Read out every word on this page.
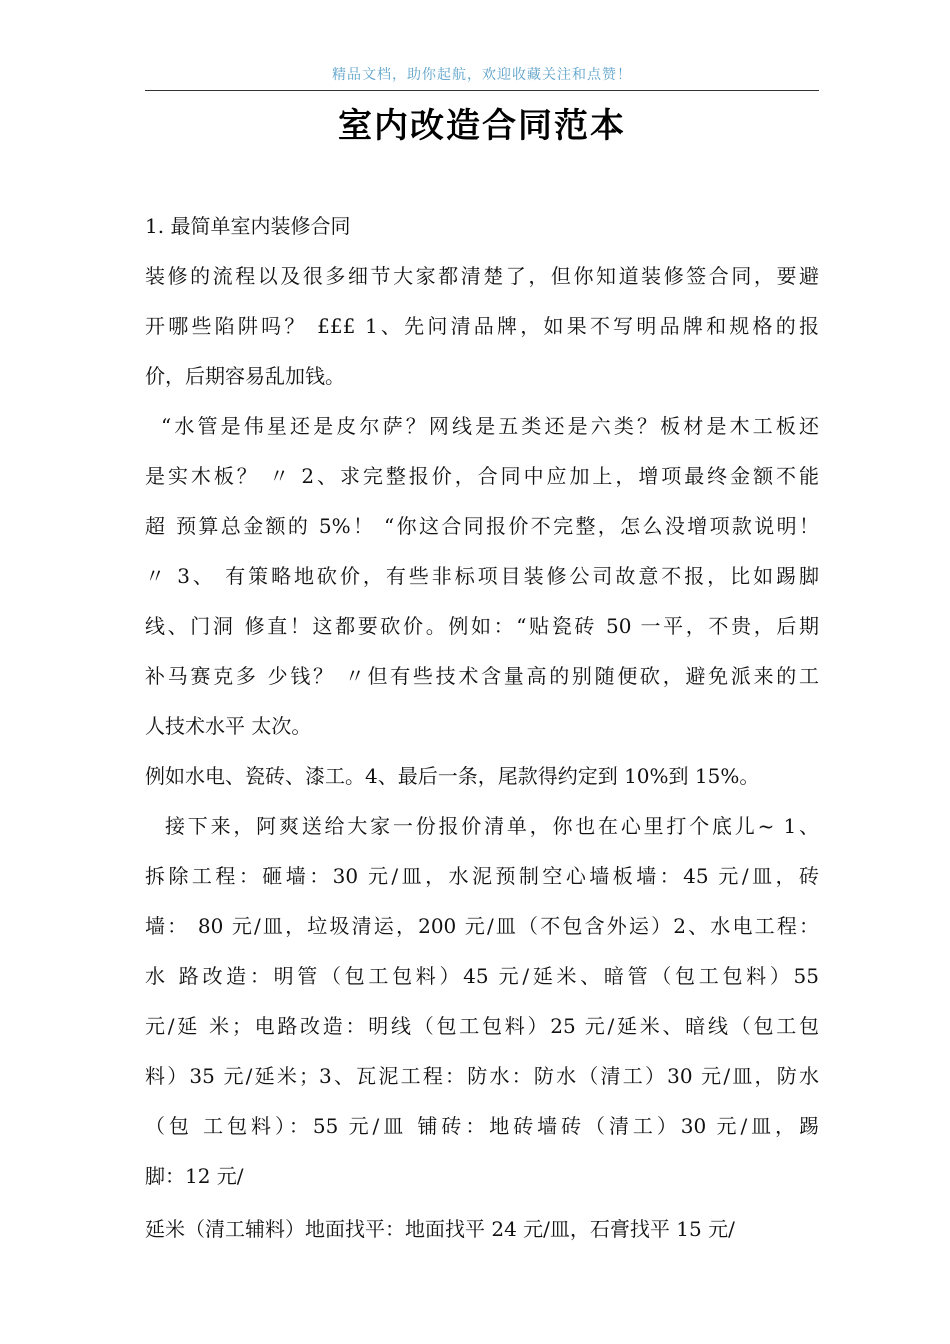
精品文档，助你起航，欢迎收藏关注和点赞！
室内改造合同范本
1. 最简单室内装修合同
装修的流程以及很多细节大家都清楚了，但你知道装修签合同，要避
开哪些陷阱吗？ £££ 1、先问清品牌，如果不写明品牌和规格的报
价，后期容易乱加钱。
“水管是伟星还是皮尔萨？网线是五类还是六类？板材是木工板还
是实木板？ 〃 2、求完整报价，合同中应加上，增项最终金额不能
超 预算总金额的 5%！ “你这合同报价不完整，怎么没增项款说明！
〃 3、 有策略地砍价，有些非标项目装修公司故意不报，比如踢脚
线、门洞 修直！这都要砍价。例如：“贴瓷砖 50 一平，不贵，后期
补马赛克多 少钱？ 〃但有些技术含量高的别随便砍，避免派来的工
人技术水平 太次。
例如水电、瓷砖、漆工。4、最后一条，尾款得约定到 10%到 15%。
接下来，阿爽送给大家一份报价清单，你也在心里打个底儿~ 1、
拆除工程：砸墙：30 元/皿，水泥预制空心墙板墙：45 元/皿，砖
墙： 80 元/皿，垃圾清运，200 元/皿（不包含外运）2、水电工程：
水 路改造：明管（包工包料）45 元/延米、暗管（包工包料）55
元/延 米；电路改造：明线（包工包料）25 元/延米、暗线（包工包
料）35 元/延米；3、瓦泥工程：防水：防水（清工）30 元/皿，防水
（包 工包料）：55 元/皿 铺砖：地砖墙砖（清工）30 元/皿，踢
脚：12 元/
延米（清工辅料）地面找平：地面找平 24 元/皿，石膏找平 15 元/
